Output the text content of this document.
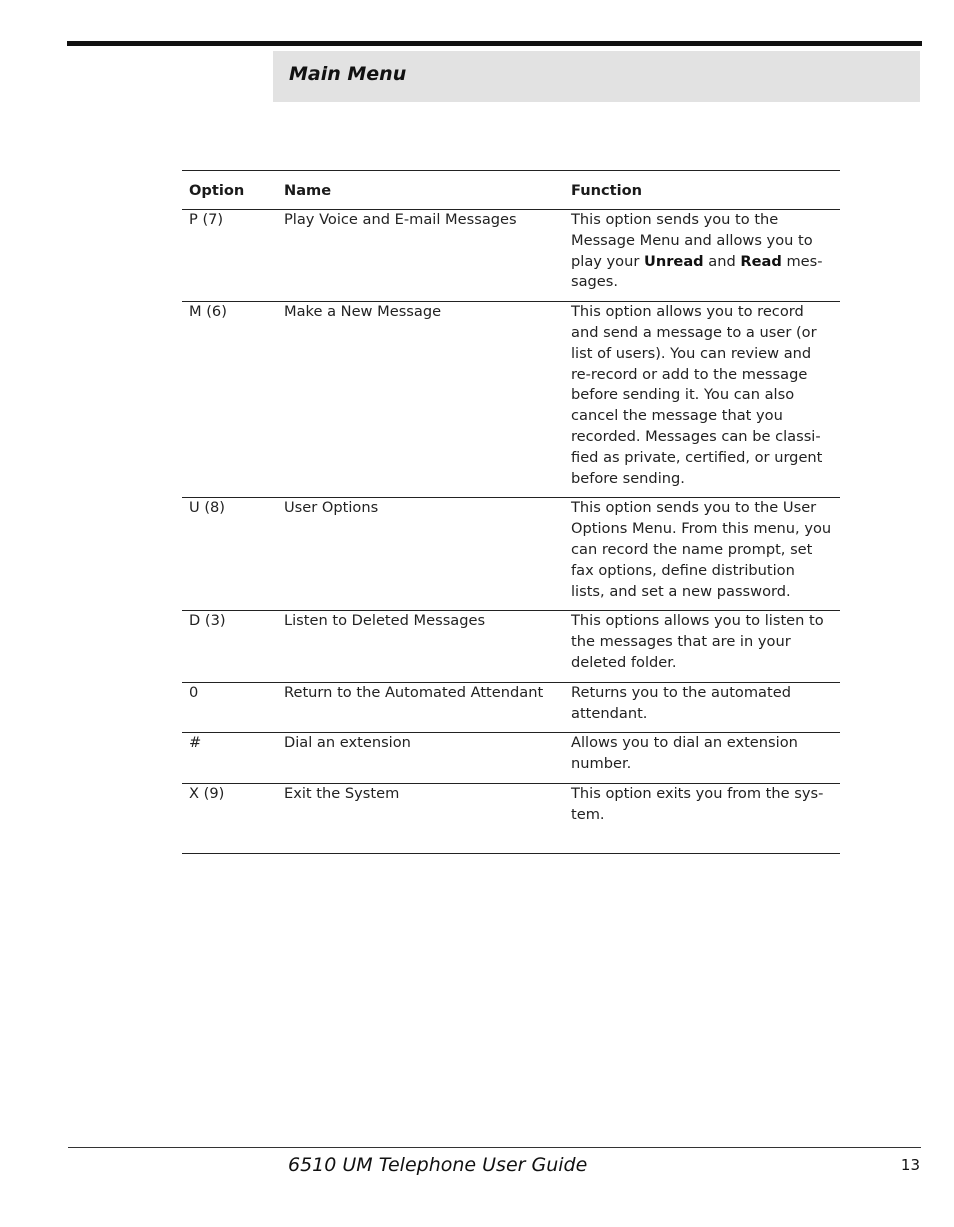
Main Menu
Option	Name	Function
P (7)	Play Voice and E-mail Messages	This option sends you to the Message Menu and allows you to play your Unread and Read messages.
M (6)	Make a New Message	This option allows you to record and send a message to a user (or list of users). You can review and re-record or add to the message before sending it. You can also cancel the message that you recorded. Messages can be classified as private, certified, or urgent before sending.
U (8)	User Options	This option sends you to the User Options Menu. From this menu, you can record the name prompt, set fax options, define distribution lists, and set a new password.
D (3)	Listen to Deleted Messages	This options allows you to listen to the messages that are in your deleted folder.
0	Return to the Automated Attendant	Returns you to the automated attendant.
#	Dial an extension	Allows you to dial an extension number.
X (9)	Exit the System	This option exits you from the system.
6510 UM Telephone User Guide	13
